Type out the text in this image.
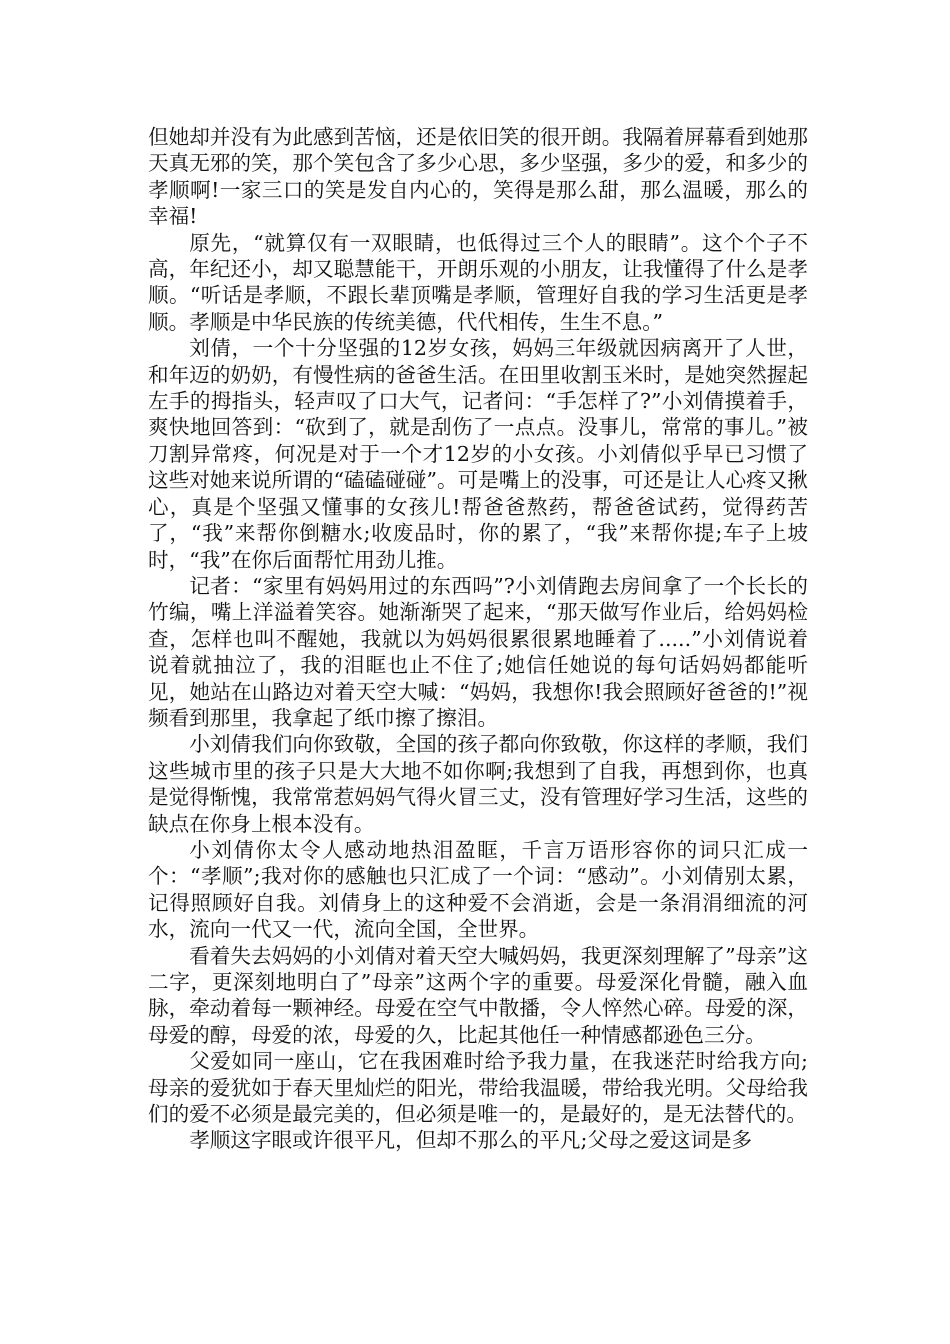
但她却并没有为此感到苦恼，还是依旧笑的很开朗。我隔着屏幕看到她那天真无邪的笑，那个笑包含了多少心思，多少坚强，多少的爱，和多少的孝顺啊!一家三口的笑是发自内心的，笑得是那么甜，那么温暖，那么的幸福!

原先，“就算仅有一双眼睛，也低得过三个人的眼睛”。这个个子不高，年纪还小，却又聪慧能干，开朗乐观的小朋友，让我懂得了什么是孝顺。“听话是孝顺，不跟长辈顶嘴是孝顺，管理好自我的学习生活更是孝顺。孝顺是中华民族的传统美德，代代相传，生生不息。”

刘倩，一个十分坚强的12岁女孩，妈妈三年级就因病离开了人世，和年迈的奶奶，有慢性病的爸爸生活。在田里收割玉米时，是她突然握起左手的拇指头，轻声叹了口大气，记者问：“手怎样了?”小刘倩摸着手，爽快地回答到：“砍到了，就是刮伤了一点点。没事儿，常常的事儿。”被刀割异常疼，何况是对于一个才12岁的小女孩。小刘倩似乎早已习惯了这些对她来说所谓的“磕磕碰碰”。可是嘴上的没事，可还是让人心疼又揪心，真是个坚强又懂事的女孩儿!帮爸爸熬药，帮爸爸试药，觉得药苦了，“我”来帮你倒糖水;收废品时，你的累了，“我”来帮你提;车子上坡时，“我”在你后面帮忙用劲儿推。

记者：“家里有妈妈用过的东西吗”?小刘倩跑去房间拿了一个长长的竹编，嘴上洋溢着笑容。她渐渐哭了起来，“那天做写作业后，给妈妈检查，怎样也叫不醒她，我就以为妈妈很累很累地睡着了.....”小刘倩说着说着就抽泣了，我的泪眶也止不住了;她信任她说的每句话妈妈都能听见，她站在山路边对着天空大喊：“妈妈，我想你!我会照顾好爸爸的!”视频看到那里，我拿起了纸巾擦了擦泪。

小刘倩我们向你致敬，全国的孩子都向你致敬，你这样的孝顺，我们这些城市里的孩子只是大大地不如你啊;我想到了自我，再想到你，也真是觉得惭愧，我常常惹妈妈气得火冒三丈，没有管理好学习生活，这些的缺点在你身上根本没有。

小刘倩你太令人感动地热泪盈眶，千言万语形容你的词只汇成一个：“孝顺”;我对你的感触也只汇成了一个词：“感动”。小刘倩别太累，记得照顾好自我。刘倩身上的这种爱不会消逝，会是一条涓涓细流的河水，流向一代又一代，流向全国，全世界。

看着失去妈妈的小刘倩对着天空大喊妈妈，我更深刻理解了”母亲”这二字，更深刻地明白了”母亲”这两个字的重要。母爱深化骨髓，融入血脉，牵动着每一颗神经。母爱在空气中散播，令人悴然心碎。母爱的深，母爱的醇，母爱的浓，母爱的久，比起其他任一种情感都逊色三分。

父爱如同一座山，它在我困难时给予我力量，在我迷茫时给我方向;母亲的爱犹如于春天里灿烂的阳光，带给我温暖，带给我光明。父母给我们的爱不必须是最完美的，但必须是唯一的，是最好的，是无法替代的。

孝顺这字眼或许很平凡，但却不那么的平凡;父母之爱这词是多
